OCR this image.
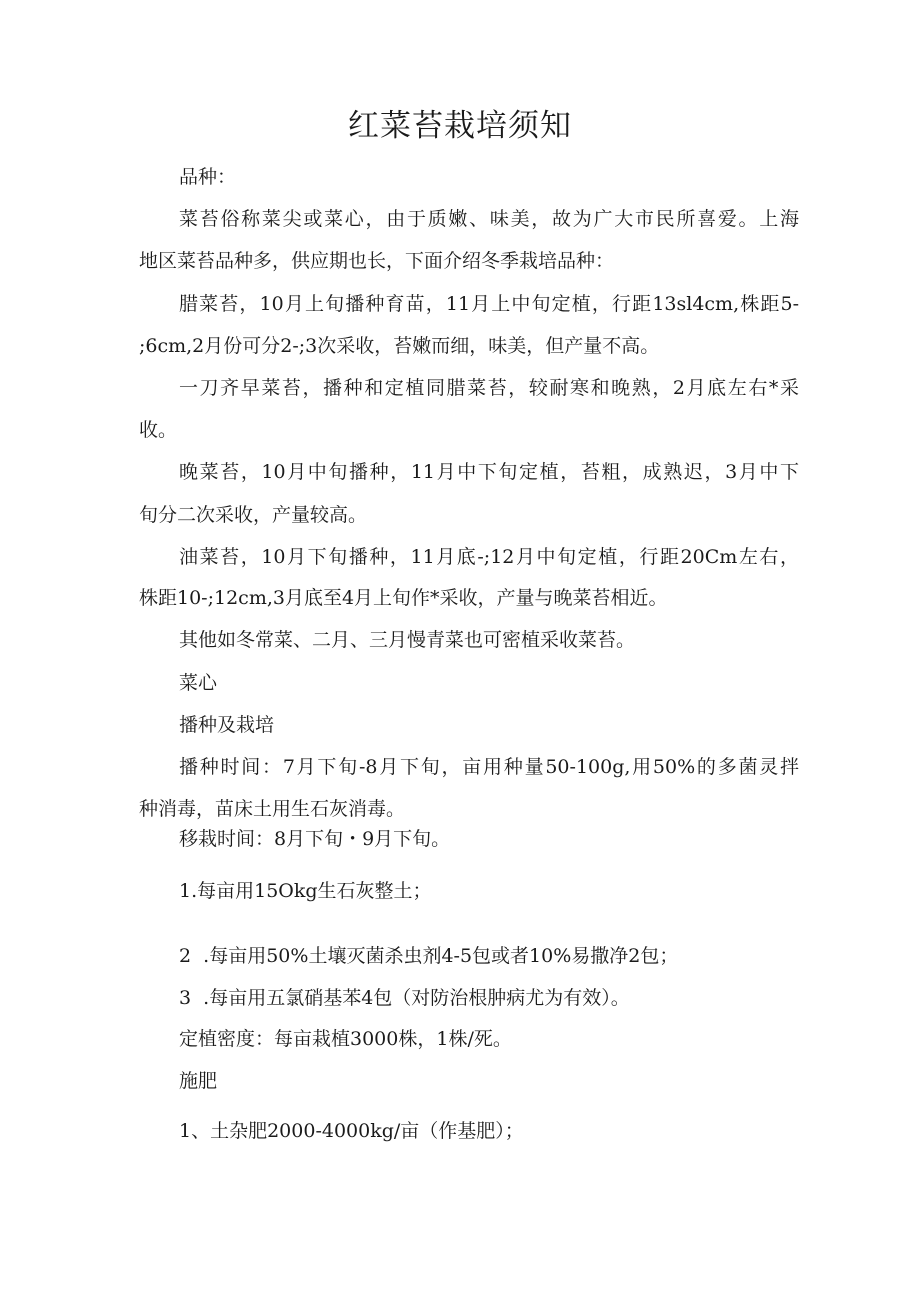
红菜苔栽培须知
品种：
菜苔俗称菜尖或菜心，由于质嫩、味美，故为广大市民所喜爱。上海
地区菜苔品种多，供应期也长，下面介绍冬季栽培品种：
腊菜苔，10月上旬播种育苗，11月上中旬定植，行距13sl4cm,株距5-
;6cm,2月份可分2-;3次采收，苔嫩而细，味美，但产量不高。
一刀齐早菜苔，播种和定植同腊菜苔，较耐寒和晚熟，2月底左右*采
收。
晚菜苔，10月中旬播种，11月中下旬定植，苔粗，成熟迟，3月中下
旬分二次采收，产量较高。
油菜苔，10月下旬播种，11月底-;12月中旬定植，行距20Cm左右，
株距10-;12cm,3月底至4月上旬作*采收，产量与晚菜苔相近。
其他如冬常菜、二月、三月慢青菜也可密植采收菜苔。
菜心
播种及栽培
播种时间：7月下旬-8月下旬，亩用种量50-100g,用50%的多菌灵拌
种消毒，苗床土用生石灰消毒。
移栽时间：8月下旬・9月下旬。
1.每亩用15Okg生石灰整土；
2  .每亩用50%土壤灭菌杀虫剂4-5包或者10%易撒净2包；
3  .每亩用五氯硝基苯4包（对防治根肿病尤为有效）。
定植密度：每亩栽植3000株，1株/死。
施肥
1、土杂肥2000-4000kg/亩（作基肥）；
